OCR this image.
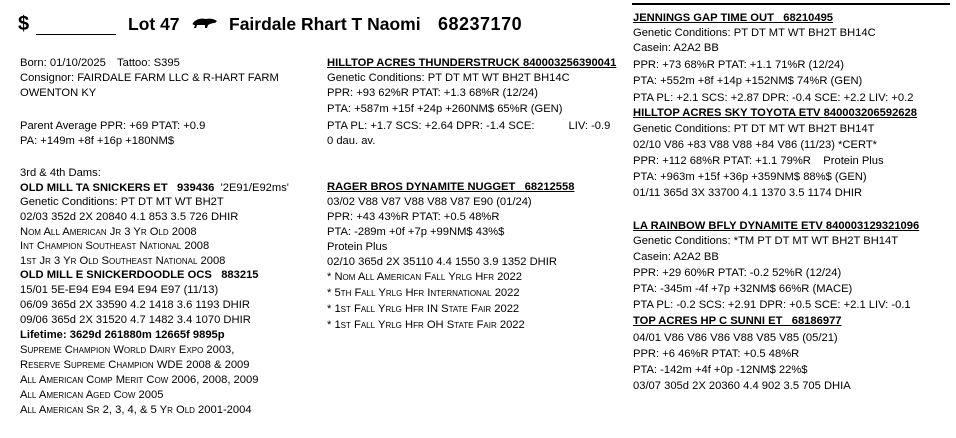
$	Lot 47	Fairdale Rhart T Naomi 68237170
Born: 01/10/2025 Tattoo: S395
Consignor: FAIRDALE FARM LLC & R-HART FARM
OWENTON KY
Parent Average PPR: +69 PTAT: +0.9
PA: +149m +8f +16p +180NM$
3rd & 4th Dams:
OLD MILL TA SNICKERS ET 939436 '2E91/E92ms'
Genetic Conditions: PT DT MT WT BH2T
02/03 352d 2X 20840 4.1 853 3.5 726 DHIR
Nom All American Jr 3 Yr Old 2008
Int Champion Southeast National 2008
1st Jr 3 Yr Old Southeast National 2008
OLD MILL E SNICKERDOODLE OCS 883215
15/01 5E-E94 E94 E94 E94 E97 (11/13)
06/09 365d 2X 33590 4.2 1418 3.6 1193 DHIR
09/06 365d 2X 31520 4.7 1482 3.4 1070 DHIR
Lifetime: 3629d 261880m 12665f 9895p
Supreme Champion World Dairy Expo 2003,
Reserve Supreme Champion WDE 2008 & 2009
All American Comp Merit Cow 2006, 2008, 2009
All American Aged Cow 2005
All American Sr 2, 3, 4, & 5 Yr Old 2001-2004
HILLTOP ACRES THUNDERSTRUCK 840003256390041
Genetic Conditions: PT DT MT WT BH2T BH14C
PPR: +93 62%R PTAT: +1.3 68%R (12/24)
PTA: +587m +15f +24p +260NM$ 65%R (GEN)
PTA PL: +1.7 SCS: +2.64 DPR: -1.4 SCE:	LIV: -0.9
0 dau. av.
RAGER BROS DYNAMITE NUGGET 68212558
03/02 V88 V87 V88 V88 V87 E90 (01/24)
PPR: +43 43%R PTAT: +0.5 48%R
PTA: -289m +0f +7p +99NM$ 43%$
Protein Plus
02/10 365d 2X 35110 4.4 1550 3.9 1352 DHIR
* Nom All American Fall Yrlg Hfr 2022
* 5th Fall Yrlg Hfr International 2022
* 1st Fall Yrlg Hfr IN State Fair 2022
* 1st Fall Yrlg Hfr OH State Fair 2022
JENNINGS GAP TIME OUT 68210495
Genetic Conditions: PT DT MT WT BH2T BH14C
Casein: A2A2 BB
PPR: +73 68%R PTAT: +1.1 71%R (12/24)
PTA: +552m +8f +14p +152NM$ 74%R (GEN)
PTA PL: +2.1 SCS: +2.87 DPR: -0.4 SCE: +2.2 LIV: +0.2
HILLTOP ACRES SKY TOYOTA ETV 840003206592628
Genetic Conditions: PT DT MT WT BH2T BH14T
02/10 V86 +83 V88 V88 +84 V86 (11/23) *CERT*
PPR: +112 68%R PTAT: +1.1 79%R Protein Plus
PTA: +963m +15f +36p +359NM$ 88%$ (GEN)
01/11 365d 3X 33700 4.1 1370 3.5 1174 DHIR
LA RAINBOW BFLY DYNAMITE ETV 840003129321096
Genetic Conditions: *TM PT DT MT WT BH2T BH14T
Casein: A2A2 BB
PPR: +29 60%R PTAT: -0.2 52%R (12/24)
PTA: -345m -4f +7p +32NM$ 66%R (MACE)
PTA PL: -0.2 SCS: +2.91 DPR: +0.5 SCE: +2.1 LIV: -0.1
TOP ACRES HP C SUNNI ET 68186977
04/01 V86 V86 V86 V88 V85 V85 (05/21)
PPR: +6 46%R PTAT: +0.5 48%R
PTA: -142m +4f +0p -12NM$ 22%$
03/07 305d 2X 20360 4.4 902 3.5 705 DHIA
